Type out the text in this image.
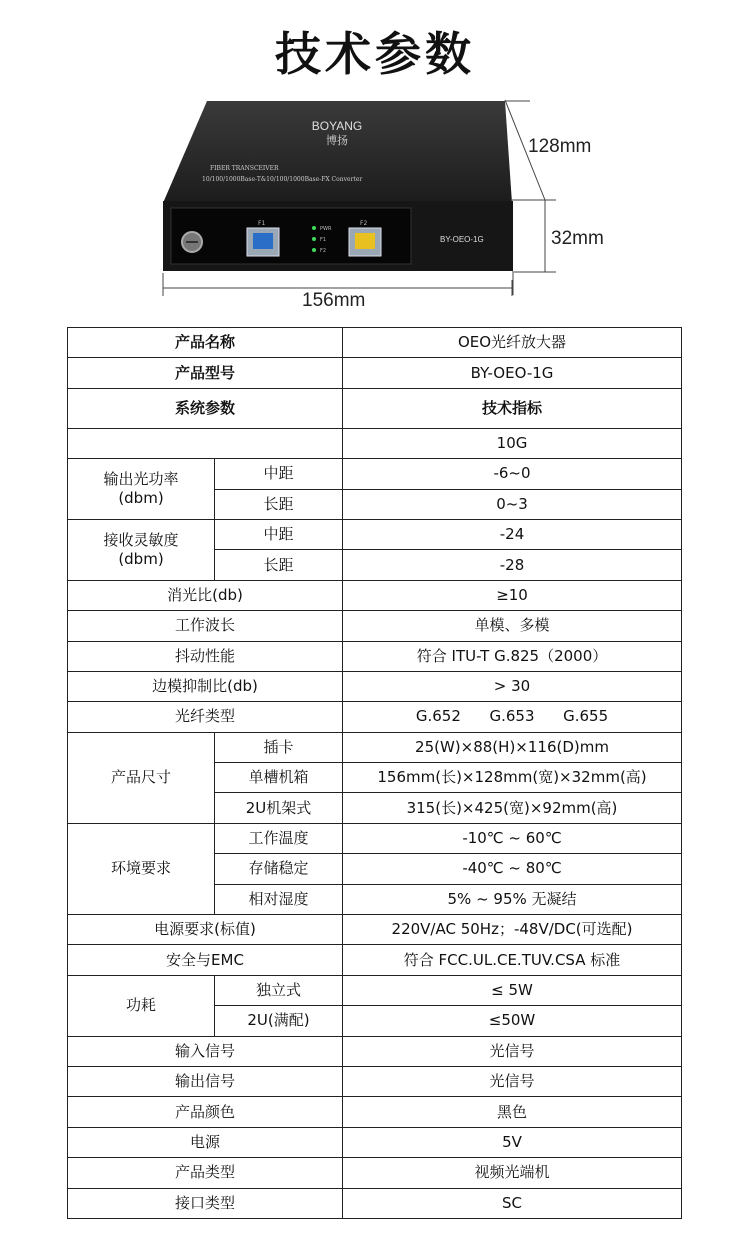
技术参数
BOYANG
博扬
FIBER TRANSCEIVER
10/100/1000Base-T&10/100/1000Base-FX Converter
F1
PWR
F1
F2
F2
BY-OEO-1G
128mm
32mm
156mm
产品名称		OEO光纤放大器
产品型号		BY-OEO-1G
系统参数		技术指标
		10G
输出光功率
(dbm)	中距	-6~0
	长距	0~3
接收灵敏度
(dbm)	中距	-24
	长距	-28
消光比(db)		≥10
工作波长		单模、多模
抖动性能		符合 ITU-T G.825（2000）
边模抑制比(db)		> 30
光纤类型		G.652      G.653      G.655
产品尺寸	插卡	25(W)×88(H)×116(D)mm
	单槽机箱	156mm(长)×128mm(宽)×32mm(高)
	2U机架式	315(长)×425(宽)×92mm(高)
环境要求	工作温度	-10℃ ~ 60℃
	存储稳定	-40℃ ~ 80℃
	相对湿度	5% ~ 95% 无凝结
电源要求(标值)		220V/AC 50Hz；-48V/DC(可选配)
安全与EMC		符合 FCC.UL.CE.TUV.CSA 标准
功耗	独立式	≤ 5W
	2U(满配)	≤50W
输入信号		光信号
输出信号		光信号
产品颜色		黑色
电源		5V
产品类型		视频光端机
接口类型		SC
